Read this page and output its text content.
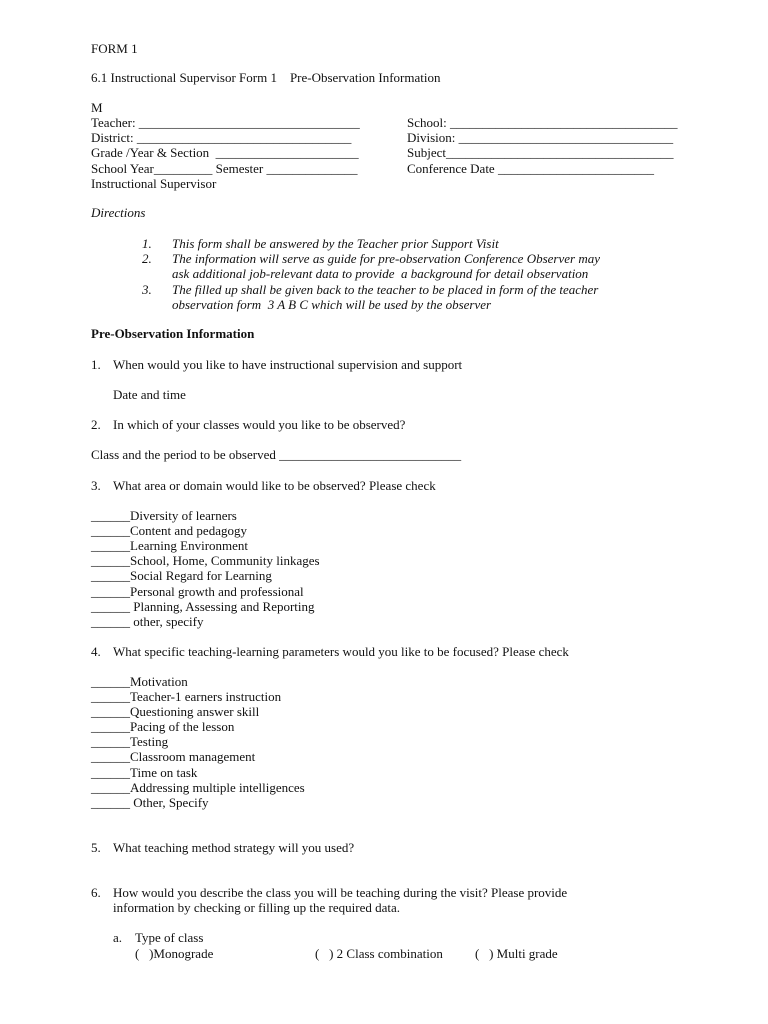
FORM 1
6.1 Instructional Supervisor Form 1    Pre-Observation Information
M
Teacher: __________________________________
District: _________________________________
Grade /Year & Section  ______________________
School Year_________ Semester ______________
Instructional Supervisor
School: ___________________________________
Division: _________________________________
Subject___________________________________
Conference Date ________________________
Directions
1. This form shall be answered by the Teacher prior Support Visit
2. The information will serve as guide for pre-observation Conference Observer may
ask additional job-relevant data to provide  a background for detail observation
3. The filled up shall be given back to the teacher to be placed in form of the teacher
observation form  3 A B C which will be used by the observer
Pre-Observation Information
1. When would you like to have instructional supervision and support
Date and time
2. In which of your classes would you like to be observed?
Class and the period to be observed ____________________________
3. What area or domain would like to be observed? Please check
______Diversity of learners
______Content and pedagogy
______Learning Environment
______School, Home, Community linkages
______Social Regard for Learning
______Personal growth and professional
______ Planning, Assessing and Reporting
______ other, specify
4. What specific teaching-learning parameters would you like to be focused? Please check
______Motivation
______Teacher-1 earners instruction
______Questioning answer skill
______Pacing of the lesson
______Testing
______Classroom management
______Time on task
______Addressing multiple intelligences
______ Other, Specify
5. What teaching method strategy will you used?
6. How would you describe the class you will be teaching during the visit? Please provide
information by checking or filling up the required data.
a. Type of class
(   )Monograde	(   ) 2 Class combination (   ) Multi grade
